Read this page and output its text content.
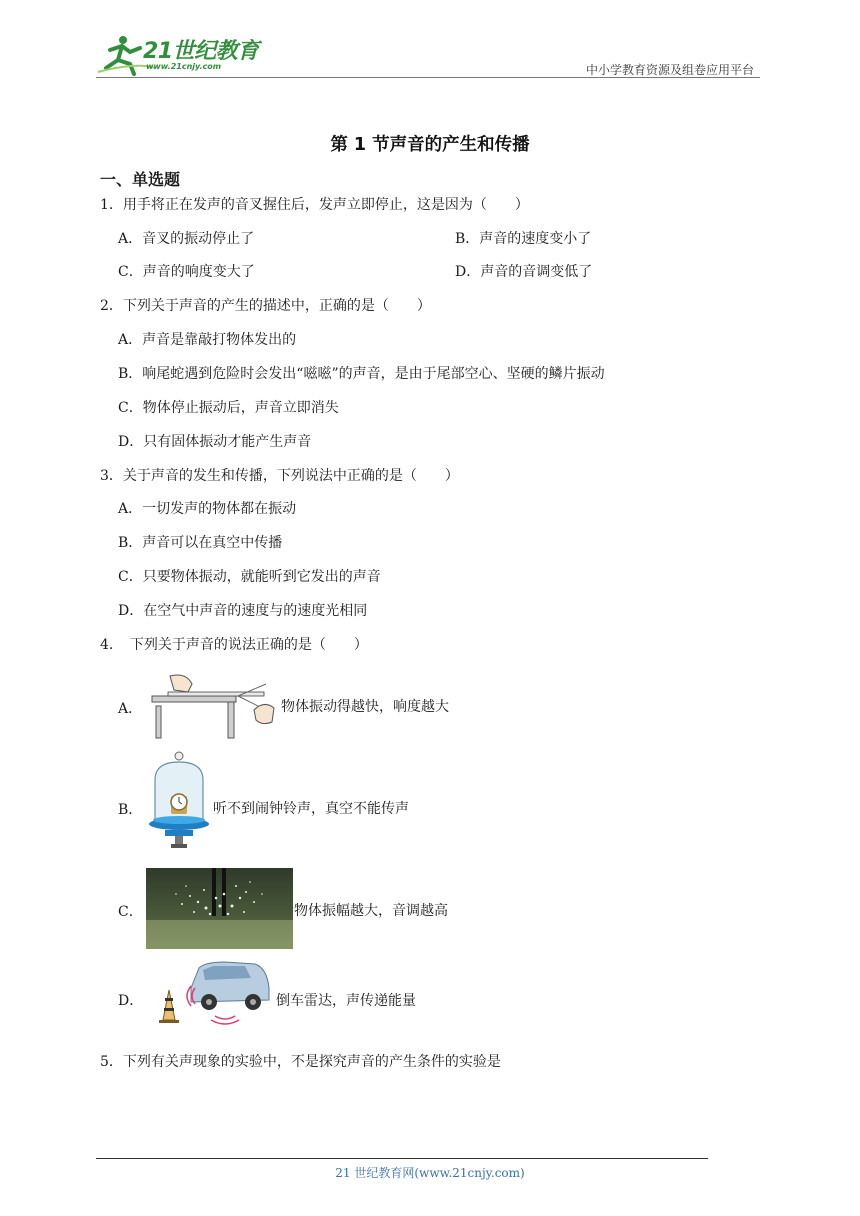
21世纪教育
www.21cnjy.com	中小学教育资源及组卷应用平台
第 1 节声音的产生和传播
一、单选题
1．用手将正在发声的音叉握住后，发声立即停止，这是因为（　　）
A．音叉的振动停止了	B．声音的速度变小了
C．声音的响度变大了	D．声音的音调变低了
2．下列关于声音的产生的描述中，正确的是（　　）
A．声音是靠敲打物体发出的
B．响尾蛇遇到危险时会发出“嗞嗞”的声音，是由于尾部空心、坚硬的鳞片振动
C．物体停止振动后，声音立即消失
D．只有固体振动才能产生声音
3．关于声音的发生和传播，下列说法中正确的是（　　）
A．一切发声的物体都在振动
B．声音可以在真空中传播
C．只要物体振动，就能听到它发出的声音
D．在空气中声音的速度与的速度光相同
4．　下列关于声音的说法正确的是（　　）
A．	物体振动得越快，响度越大
B．	听不到闹钟铃声，真空不能传声
C．	物体振幅越大，音调越高
D．	倒车雷达，声传递能量
5．下列有关声现象的实验中，不是探究声音的产生条件的实验是
21 世纪教育网(www.21cnjy.com)
